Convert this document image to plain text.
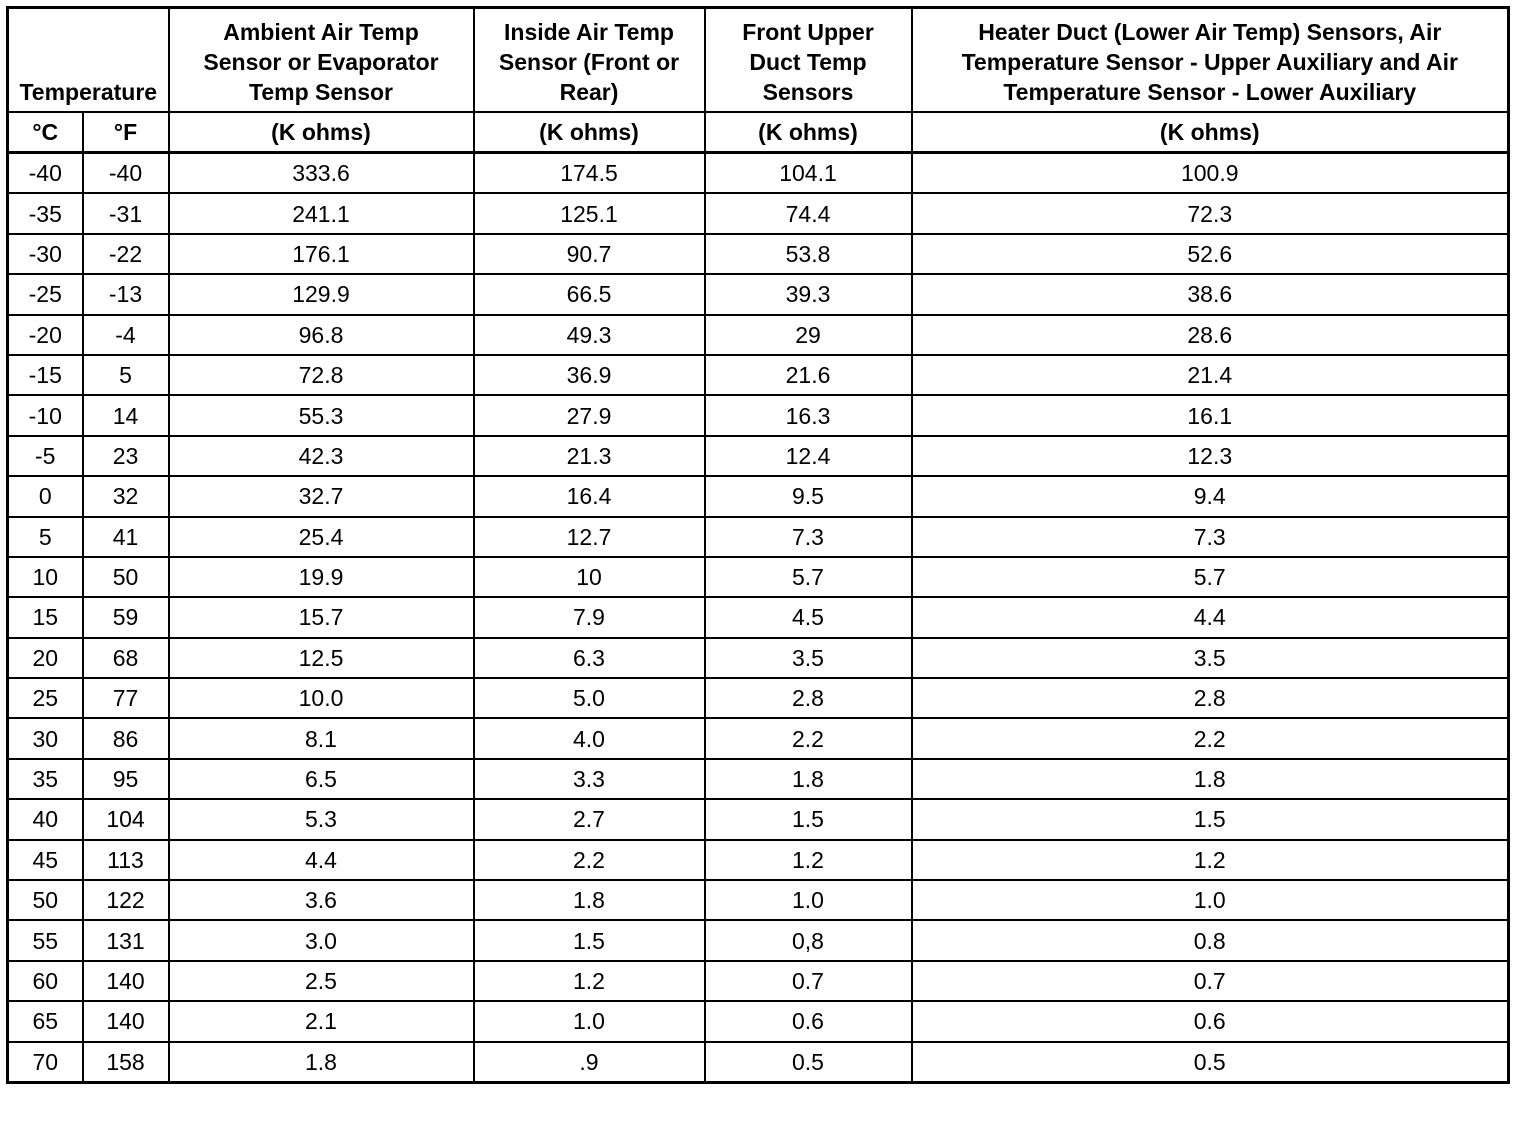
Temperature		Ambient Air Temp
Sensor or Evaporator
Temp Sensor	Inside Air Temp
Sensor (Front or
Rear)	Front Upper
Duct Temp
Sensors	Heater Duct (Lower Air Temp) Sensors, Air
Temperature Sensor - Upper Auxiliary and Air
Temperature Sensor - Lower Auxiliary
°C	°F	(K ohms)	(K ohms)	(K ohms)	(K ohms)
-40	-40	333.6	174.5	104.1	100.9
-35	-31	241.1	125.1	74.4	72.3
-30	-22	176.1	90.7	53.8	52.6
-25	-13	129.9	66.5	39.3	38.6
-20	-4	96.8	49.3	29	28.6
-15	5	72.8	36.9	21.6	21.4
-10	14	55.3	27.9	16.3	16.1
-5	23	42.3	21.3	12.4	12.3
0	32	32.7	16.4	9.5	9.4
5	41	25.4	12.7	7.3	7.3
10	50	19.9	10	5.7	5.7
15	59	15.7	7.9	4.5	4.4
20	68	12.5	6.3	3.5	3.5
25	77	10.0	5.0	2.8	2.8
30	86	8.1	4.0	2.2	2.2
35	95	6.5	3.3	1.8	1.8
40	104	5.3	2.7	1.5	1.5
45	113	4.4	2.2	1.2	1.2
50	122	3.6	1.8	1.0	1.0
55	131	3.0	1.5	0,8	0.8
60	140	2.5	1.2	0.7	0.7
65	140	2.1	1.0	0.6	0.6
70	158	1.8	.9	0.5	0.5
